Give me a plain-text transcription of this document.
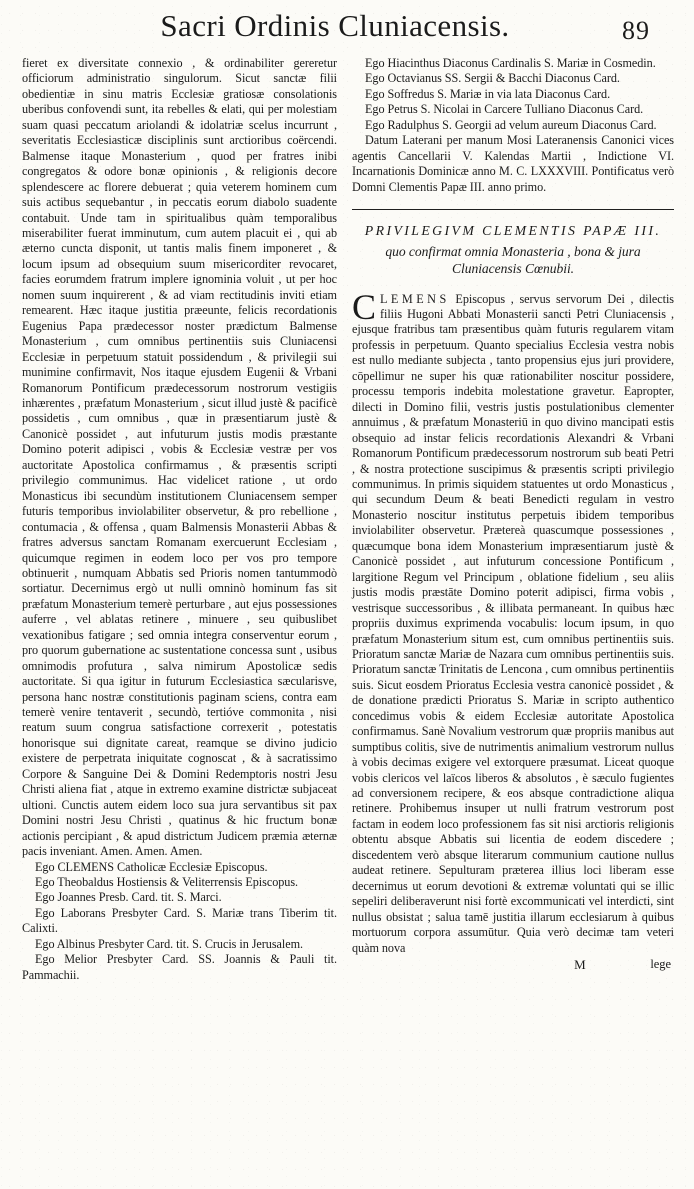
Sacri Ordinis Cluniacensis.	89

fieret ex diversitate connexio , & ordinabiliter gereretur officiorum administratio singulorum. Sicut sanctæ filii obedientiæ in sinu matris Ecclesiæ gratiosæ consolationis uberibus confovendi sunt, ita rebelles & elati, qui per molestiam suam quasi peccatum ariolandi & idolatriæ scelus incurrunt , severitatis Ecclesiasticæ disciplinis sunt arctioribus coërcendi. Balmense itaque Monasterium , quod per fratres inibi congregatos & odore bonæ opinionis , & religionis decore splendescere ac florere debuerat ; quia veterem hominem cum suis actibus sequebantur , in peccatis eorum diabolo suadente contabuit. Unde tam in spiritualibus quàm temporalibus miserabiliter fuerat imminutum, cum autem placuit ei , qui ab æterno cuncta disponit, ut tantis malis finem imponeret , & locum ipsum ad obsequium suum misericorditer revocaret, facies eorumdem fratrum implere ignominia voluit , ut per hoc nomen suum inquirerent , & ad viam rectitudinis inviti etiam remearent. Hæc itaque justitia præeunte, felicis recordationis Eugenius Papa prædecessor noster prædictum Balmense Monasterium , cum omnibus pertinentiis suis Cluniacensi Ecclesiæ in perpetuum statuit possidendum , & privilegii sui munimine confirmavit, Nos itaque ejusdem Eugenii & Vrbani Romanorum Pontificum prædecessorum nostrorum vestigiis inhærentes , præfatum Monasterium , sicut illud justè & pacificè possidetis , cum omnibus , quæ in præsentiarum justè & Canonicè possidet , aut infuturum justis modis præstante Domino poterit adipisci , vobis & Ecclesiæ vestræ per vos auctoritate Apostolica confirmamus , & præsentis scripti privilegio communimus. Hac videlicet ratione , ut ordo Monasticus ibi secundùm institutionem Cluniacensem semper futuris temporibus inviolabiliter observetur, & pro rebellione , contumacia , & offensa , quam Balmensis Monasterii Abbas & fratres adversus sanctam Romanam exercuerunt Ecclesiam , quicumque regimen in eodem loco per vos pro tempore obtinuerit , numquam Abbatis sed Prioris nomen tantummodò sortiatur. Decernimus ergò ut nulli omninò hominum fas sit præfatum Monasterium temerè perturbare , aut ejus possessiones auferre , vel ablatas retinere , minuere , seu quibuslibet vexationibus fatigare ; sed omnia integra conserventur eorum , pro quorum gubernatione ac sustentatione concessa sunt , usibus omnimodis profutura , salva nimirum Apostolicæ sedis auctoritate. Si qua igitur in futurum Ecclesiastica sæcularisve, persona hanc nostræ constitutionis paginam sciens, contra eam temerè venire tentaverit , secundò, tertióve commonita , nisi reatum suum congrua satisfactione correxerit , potestatis honorisque sui dignitate careat, reamque se divino judicio existere de perpetrata iniquitate cognoscat , & à sacratissimo Corpore & Sanguine Dei & Domini Redemptoris nostri Jesu Christi aliena fiat , atque in extremo examine districtæ subjaceat ultioni. Cunctis autem eidem loco sua jura servantibus sit pax Domini nostri Jesu Christi , quatinus & hic fructum bonæ actionis percipiant , & apud districtum Judicem præmia æternæ pacis inveniant. Amen. Amen. Amen.

Ego CLEMENS Catholicæ Ecclesiæ Episcopus.

Ego Theobaldus Hostiensis & Veliterrensis Episcopus.

Ego Joannes Presb. Card. tit. S. Marci.

Ego Laborans Presbyter Card. S. Mariæ trans Tiberim tit. Calixti.

Ego Albinus Presbyter Card. tit. S. Crucis in Jerusalem.

Ego Melior Presbyter Card. SS. Joannis & Pauli tit. Pammachii.

Ego Hiacinthus Diaconus Cardinalis S. Mariæ in Cosmedin.

Ego Octavianus SS. Sergii & Bacchi Diaconus Card.

Ego Soffredus S. Mariæ in via lata Diaconus Card.

Ego Petrus S. Nicolai in Carcere Tulliano Diaconus Card.

Ego Radulphus S. Georgii ad velum aureum Diaconus Card.

Datum Laterani per manum Mosi Lateranensis Canonici vices agentis Cancellarii V. Kalendas Martii , Indictione VI. Incarnationis Dominicæ anno M. C. LXXXVIII. Pontificatus verò Domni Clementis Papæ III. anno primo.

PRIVILEGIVM CLEMENTIS PAPÆ III.
quo confirmat omnia Monasteria , bona & jura
Cluniacensis Cœnubii.

CLEMENS Episcopus , servus servorum Dei , dilectis filiis Hugoni Abbati Monasterii sancti Petri Cluniacensis , ejusque fratribus tam præsentibus quàm futuris regularem vitam professis in perpetuum. Quanto specialius Ecclesia vestra nobis est nullo mediante subjecta , tanto propensius ejus juri providere, cōpellimur ne super his quæ rationabiliter noscitur possidere, processu temporis indebita molestatione gravetur. Eapropter, dilecti in Domino filii, vestris justis postulationibus clementer annuimus , & præfatum Monasteriū in quo divino mancipati estis obsequio ad instar felicis recordationis Alexandri & Vrbani Romanorum Pontificum prædecessorum nostrorum sub beati Petri , & nostra protectione suscipimus & præsentis scripti privilegio communimus. In primis siquidem statuentes ut ordo Monasticus , qui secundum Deum & beati Benedicti regulam in vestro Monasterio noscitur institutus perpetuis ibidem temporibus inviolabiliter observetur. Prætereà quascumque possessiones , quæcumque bona idem Monasterium impræsentiarum justè & Canonicè possidet , aut infuturum concessione Pontificum , largitione Regum vel Principum , oblatione fidelium , seu aliis justis modis præstāte Domino poterit adipisci, firma vobis , vestrisque successoribus , & illibata permaneant. In quibus hæc propriis duximus exprimenda vocabulis: locum ipsum, in quo præfatum Monasterium situm est, cum omnibus pertinentiis suis. Prioratum sanctæ Mariæ de Nazara cum omnibus pertinentiis suis. Prioratum sanctæ Trinitatis de Lencona , cum omnibus pertinentiis suis. Sicut eosdem Prioratus Ecclesia vestra canonicè possidet , & de donatione prædicti Prioratus S. Mariæ in scripto authentico concedimus vobis & eidem Ecclesiæ autoritate Apostolica confirmamus. Sanè Novalium vestrorum quæ propriis manibus aut sumptibus colitis, sive de nutrimentis animalium vestrorum nullus à vobis decimas exigere vel extorquere præsumat. Liceat quoque vobis clericos vel laïcos liberos & absolutos , è sæculo fugientes ad conversionem recipere, & eos absque contradictione aliqua retinere. Prohibemus insuper ut nulli fratrum vestrorum post factam in eodem loco professionem fas sit nisi arctioris religionis obtentu absque Abbatis sui licentia de eodem discedere ; discedentem verò absque literarum communium cautione nullus audeat retinere. Sepulturam præterea illius loci liberam esse decernimus ut eorum devotioni & extremæ voluntati qui se illic sepeliri deliberaverunt nisi fortè excommunicati vel interdicti, sint nullus obsistat ; salua tamē justitia illarum ecclesiarum à quibus mortuorum corpora assumūtur. Quia verò decimæ tam veteri quàm nova

M	lege
